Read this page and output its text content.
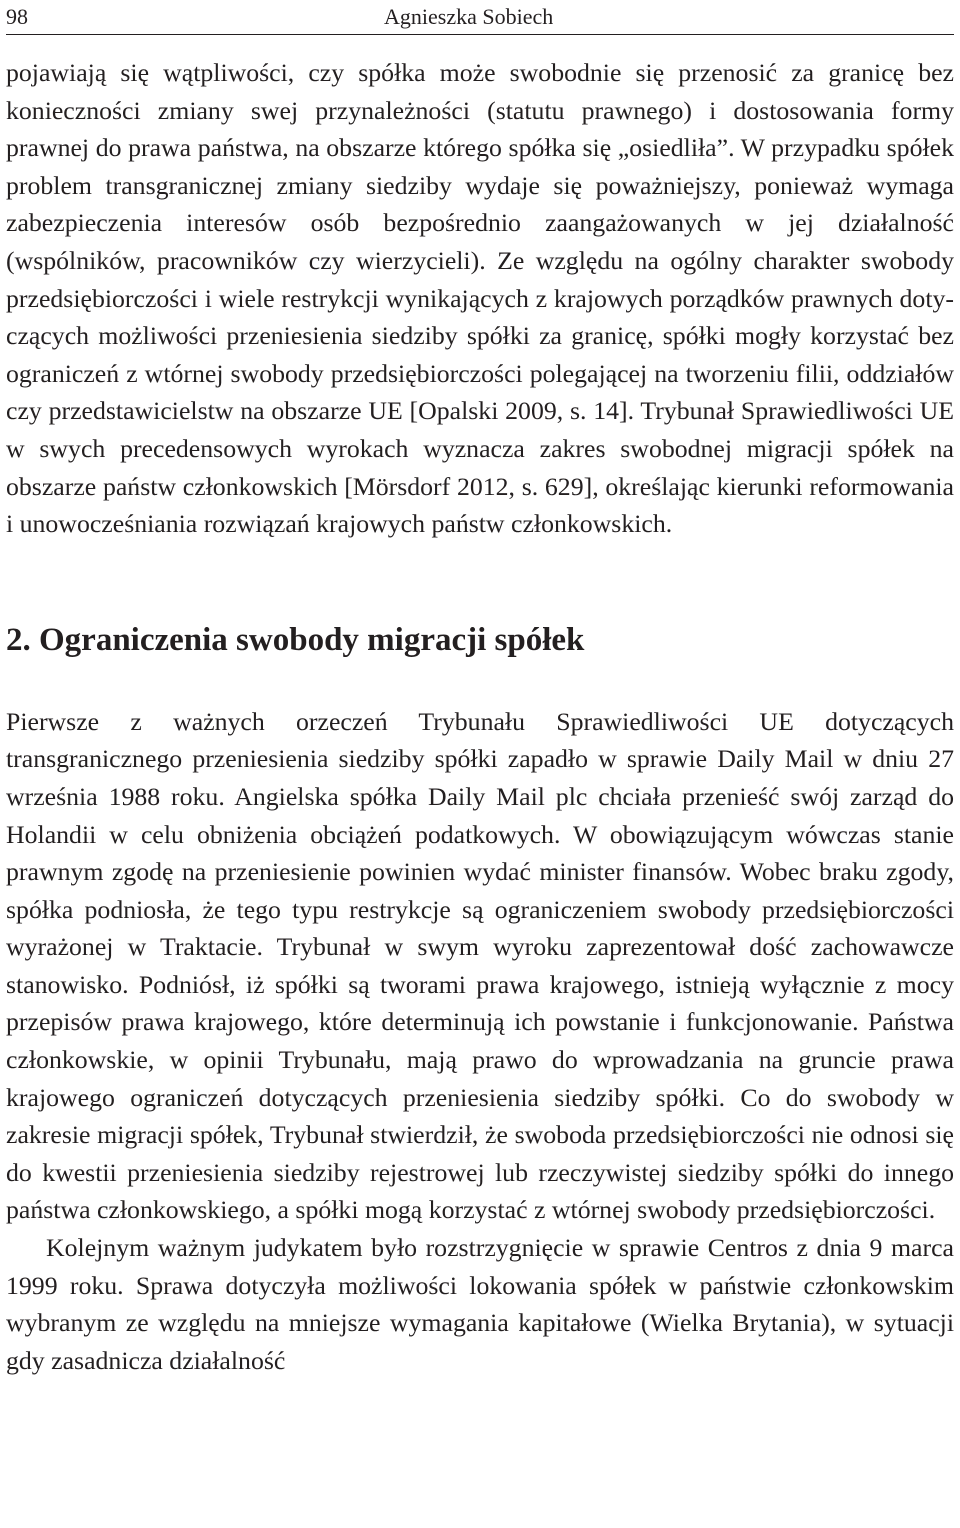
98	Agnieszka Sobiech

pojawiają się wątpliwości, czy spółka może swobodnie się przenosić za granicę bez konieczności zmiany swej przynależności (statutu prawnego) i dostosowania formy prawnej do prawa państwa, na obszarze którego spółka się „osiedliła”. W przypadku spółek problem transgranicznej zmiany siedziby wydaje się poważniejszy, ponieważ wymaga zabezpieczenia interesów osób bezpośrednio zaangażowanych w jej działalność (wspólników, pracowników czy wierzycieli). Ze względu na ogólny charakter swobody przedsiębiorczości i wiele restrykcji wynikających z krajowych porządków prawnych dotyczących możliwości przeniesienia siedziby spółki za granicę, spółki mogły korzystać bez ograniczeń z wtórnej swobody przedsiębiorczości polegającej na tworzeniu filii, oddziałów czy przedstawicielstw na obszarze UE [Opalski 2009, s. 14]. Trybunał Sprawiedliwości UE w swych precedensowych wyrokach wyznacza zakres swobodnej migracji spółek na obszarze państw członkowskich [Mörsdorf 2012, s. 629], określając kierunki reformowania i unowocześniania rozwiązań krajowych państw członkowskich.

2. Ograniczenia swobody migracji spółek

Pierwsze z ważnych orzeczeń Trybunału Sprawiedliwości UE dotyczących transgranicznego przeniesienia siedziby spółki zapadło w sprawie Daily Mail w dniu 27 września 1988 roku. Angielska spółka Daily Mail plc chciała przenieść swój zarząd do Holandii w celu obniżenia obciążeń podatkowych. W obowiązującym wówczas stanie prawnym zgodę na przeniesienie powinien wydać minister finansów. Wobec braku zgody, spółka podniosła, że tego typu restrykcje są ograniczeniem swobody przedsiębiorczości wyrażonej w Traktacie. Trybunał w swym wyroku zaprezentował dość zachowawcze stanowisko. Podniósł, iż spółki są tworami prawa krajowego, istnieją wyłącznie z mocy przepisów prawa krajowego, które determinują ich powstanie i funkcjonowanie. Państwa członkowskie, w opinii Trybunału, mają prawo do wprowadzania na gruncie prawa krajowego ograniczeń dotyczących przeniesienia siedziby spółki. Co do swobody w zakresie migracji spółek, Trybunał stwierdził, że swoboda przedsiębiorczości nie odnosi się do kwestii przeniesienia siedziby rejestrowej lub rzeczywistej siedziby spółki do innego państwa członkowskiego, a spółki mogą korzystać z wtórnej swobody przedsiębiorczości.

Kolejnym ważnym judykatem było rozstrzygnięcie w sprawie Centros z dnia 9 marca 1999 roku. Sprawa dotyczyła możliwości lokowania spółek w państwie członkowskim wybranym ze względu na mniejsze wymagania kapitałowe (Wielka Brytania), w sytuacji gdy zasadnicza działalność
